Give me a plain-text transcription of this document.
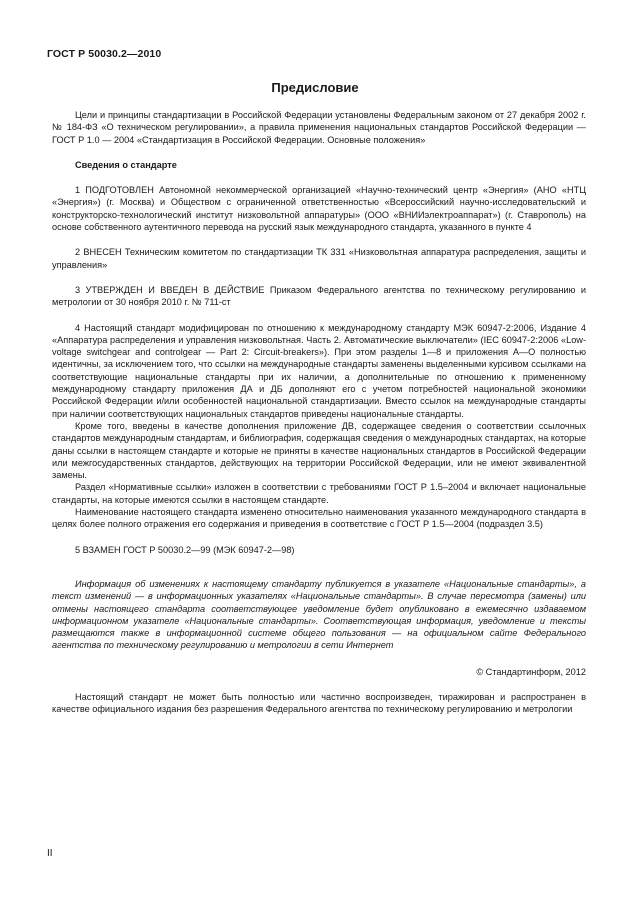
ГОСТ Р 50030.2—2010
Предисловие

Цели и принципы стандартизации в Российской Федерации установлены Федеральным законом от 27 декабря 2002 г. № 184-ФЗ «О техническом регулировании», а правила применения национальных стандартов Российской Федерации — ГОСТ Р 1.0 — 2004 «Стандартизация в Российской Федерации. Основные положения»

Сведения о стандарте

1 ПОДГОТОВЛЕН Автономной некоммерческой организацией «Научно-технический центр «Энергия» (АНО «НТЦ «Энергия») (г. Москва) и Обществом с ограниченной ответственностью «Всероссийский научно-исследовательский и конструкторско-технологический институт низковольтной аппаратуры» (ООО «ВНИИэлектроаппарат») (г. Ставрополь) на основе собственного аутентичного перевода на русский язык международного стандарта, указанного в пункте 4

2 ВНЕСЕН Техническим комитетом по стандартизации ТК 331 «Низковольтная аппаратура распределения, защиты и управления»

3 УТВЕРЖДЕН И ВВЕДЕН В ДЕЙСТВИЕ Приказом Федерального агентства по техническому регулированию и метрологии от 30 ноября 2010 г. № 711-ст

4 Настоящий стандарт модифицирован по отношению к международному стандарту МЭК 60947-2:2006, Издание 4 «Аппаратура распределения и управления низковольтная. Часть 2. Автоматические выключатели» (IEC 60947-2:2006 «Low-voltage switchgear and controlgear — Part 2: Circuit-breakers»). При этом разделы 1—8 и приложения А—О полностью идентичны, за исключением того, что ссылки на международные стандарты заменены выделенными курсивом ссылками на соответствующие национальные стандарты при их наличии, а дополнительные по отношению к примененному международному стандарту приложения ДА и ДБ дополняют его с учетом потребностей национальной экономики Российской Федерации и/или особенностей национальной стандартизации. Вместо ссылок на международные стандарты при наличии соответствующих национальных стандартов приведены национальные стандарты.

Кроме того, введены в качестве дополнения приложение ДВ, содержащее сведения о соответствии ссылочных стандартов международным стандартам, и библиография, содержащая сведения о международных стандартах, на которые даны ссылки в настоящем стандарте и которые не приняты в качестве национальных стандартов в Российской Федерации или межгосударственных стандартов, действующих на территории Российской Федерации, или не имеют эквивалентной замены.

Раздел «Нормативные ссылки» изложен в соответствии с требованиями ГОСТ Р 1.5–2004 и включает национальные стандарты, на которые имеются ссылки в настоящем стандарте.

Наименование настоящего стандарта изменено относительно наименования указанного международного стандарта в целях более полного отражения его содержания и приведения в соответствие с ГОСТ Р 1.5—2004 (подраздел 3.5)

5 ВЗАМЕН ГОСТ Р 50030.2—99 (МЭК 60947-2—98)

Информация об изменениях к настоящему стандарту публикуется в указателе «Национальные стандарты», а текст изменений — в информационных указателях «Национальные стандарты». В случае пересмотра (замены) или отмены настоящего стандарта соответствующее уведомление будет опубликовано в ежемесячно издаваемом информационном указателе «Национальные стандарты». Соответствующая информация, уведомление и тексты размещаются также в информационной системе общего пользования — на официальном сайте Федерального агентства по техническому регулированию и метрологии в сети Интернет

© Стандартинформ, 2012

Настоящий стандарт не может быть полностью или частично воспроизведен, тиражирован и распространен в качестве официального издания без разрешения Федерального агентства по техническому регулированию и метрологии

II
